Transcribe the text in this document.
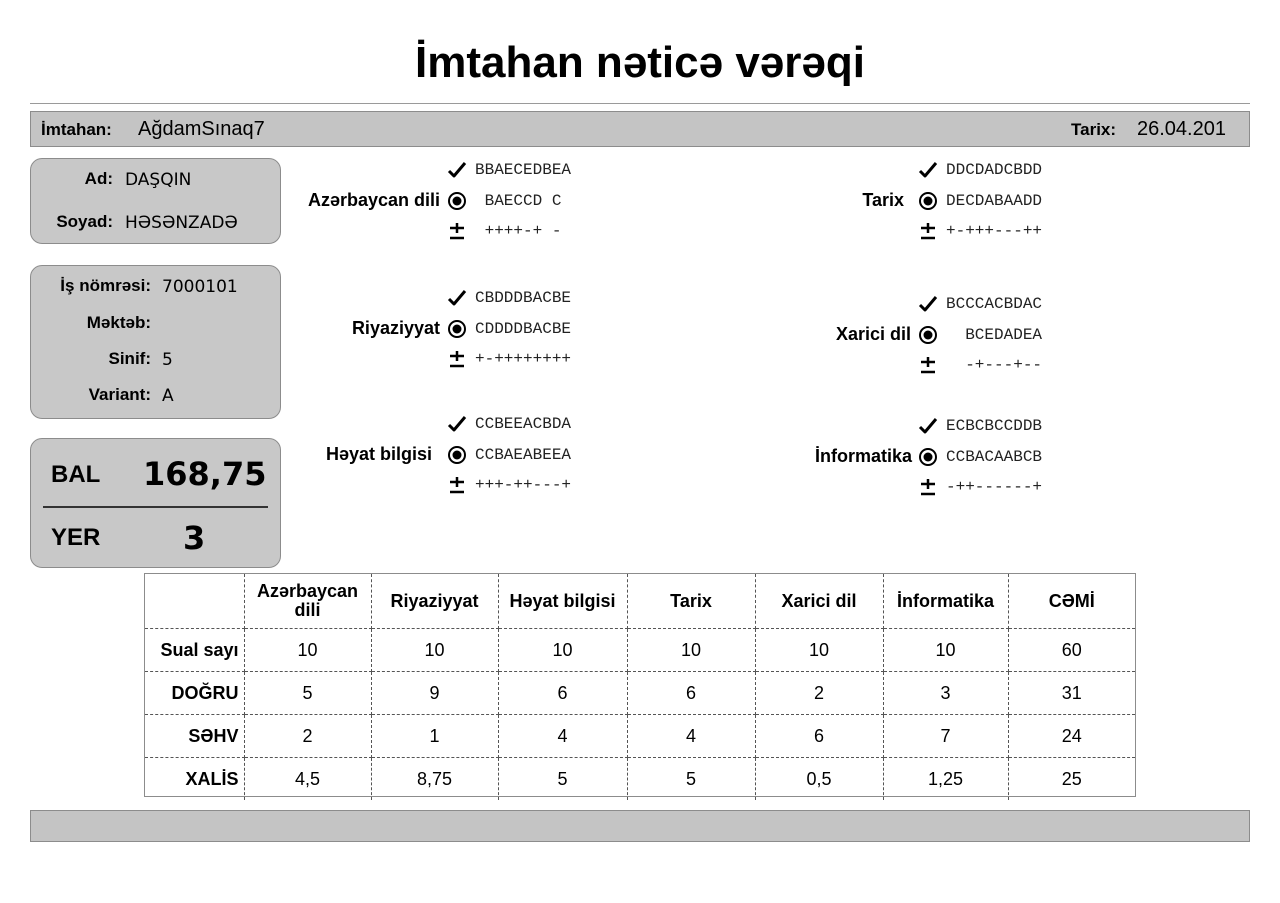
İmtahan nəticə vərəqi
İmtahan: AğdamSınaq7	Tarix: 26.04.201
Ad: DAŞQIN
Soyad: HƏSƏNZADƏ
İş nömrəsi: 7000101
Məktəb:
Sinif: 5
Variant: A
BAL 168,75
YER	3
Azərbaycan dili
BBAECEDBEA
BAECCD C
++++-+ -
Riyaziyyat
CBDDDBACBE
CDDDDBACBE
+-++++++++
Həyat bilgisi
CCBEEACBDA
CCBAEABEEA
+++-++---+
Tarix
DDCDADCBDD
DECDABAADD
+-+++---++
Xarici dil
BCCCACBDAC
BCEDADEA
-+---+--
İnformatika
ECBCBCCDDB
CCBACAABCB
-++------+
	Azərbaycan dili	Riyaziyyat	Həyat bilgisi	Tarix	Xarici dil	İnformatika	CƏMİ
Sual sayı	10	10	10	10	10	10	60
DOĞRU	5	9	6	6	2	3	31
SƏHV	2	1	4	4	6	7	24
XALİS	4,5	8,75	5	5	0,5	1,25	25
